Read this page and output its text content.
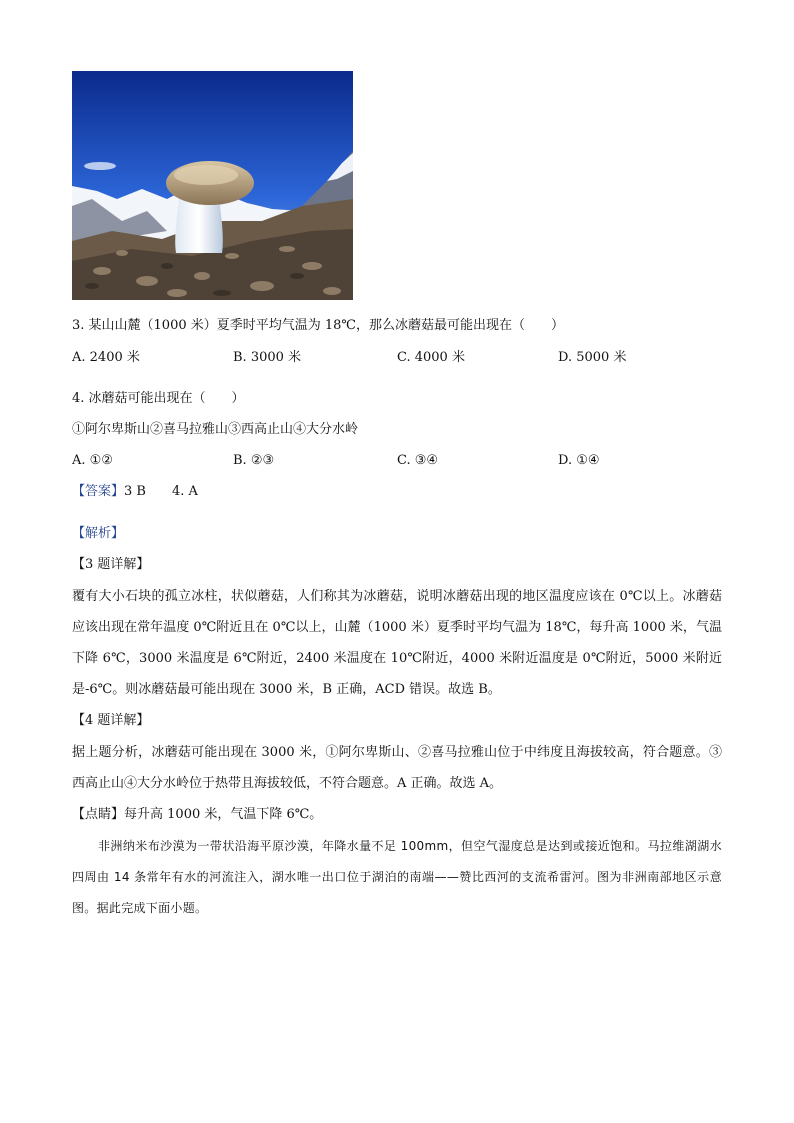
3. 某山山麓（1000 米）夏季时平均气温为 18℃，那么冰蘑菇最可能出现在（　　）
A. 2400 米	B. 3000 米	C. 4000 米	D. 5000 米
4. 冰蘑菇可能出现在（　　）
①阿尔卑斯山②喜马拉雅山③西高止山④大分水岭
A. ①②	B. ②③	C. ③④	D. ①④
【答案】3 B　　4. A
【解析】
【3 题详解】
覆有大小石块的孤立冰柱，状似蘑菇，人们称其为冰蘑菇，说明冰蘑菇出现的地区温度应该在 0℃以上。冰蘑菇应该出现在常年温度 0℃附近且在 0℃以上，山麓（1000 米）夏季时平均气温为 18℃，每升高 1000 米，气温下降 6℃，3000 米温度是 6℃附近，2400 米温度在 10℃附近，4000 米附近温度是 0℃附近，5000 米附近是-6℃。则冰蘑菇最可能出现在 3000 米，B 正确，ACD 错误。故选 B。
【4 题详解】
据上题分析，冰蘑菇可能出现在 3000 米，①阿尔卑斯山、②喜马拉雅山位于中纬度且海拔较高，符合题意。③西高止山④大分水岭位于热带且海拔较低，不符合题意。A 正确。故选 A。
【点睛】每升高 1000 米，气温下降 6℃。
非洲纳米布沙漠为一带状沿海平原沙漠，年降水量不足 100mm，但空气湿度总是达到或接近饱和。马拉维湖湖水四周由 14 条常年有水的河流注入，湖水唯一出口位于湖泊的南端——赞比西河的支流希雷河。图为非洲南部地区示意图。据此完成下面小题。
